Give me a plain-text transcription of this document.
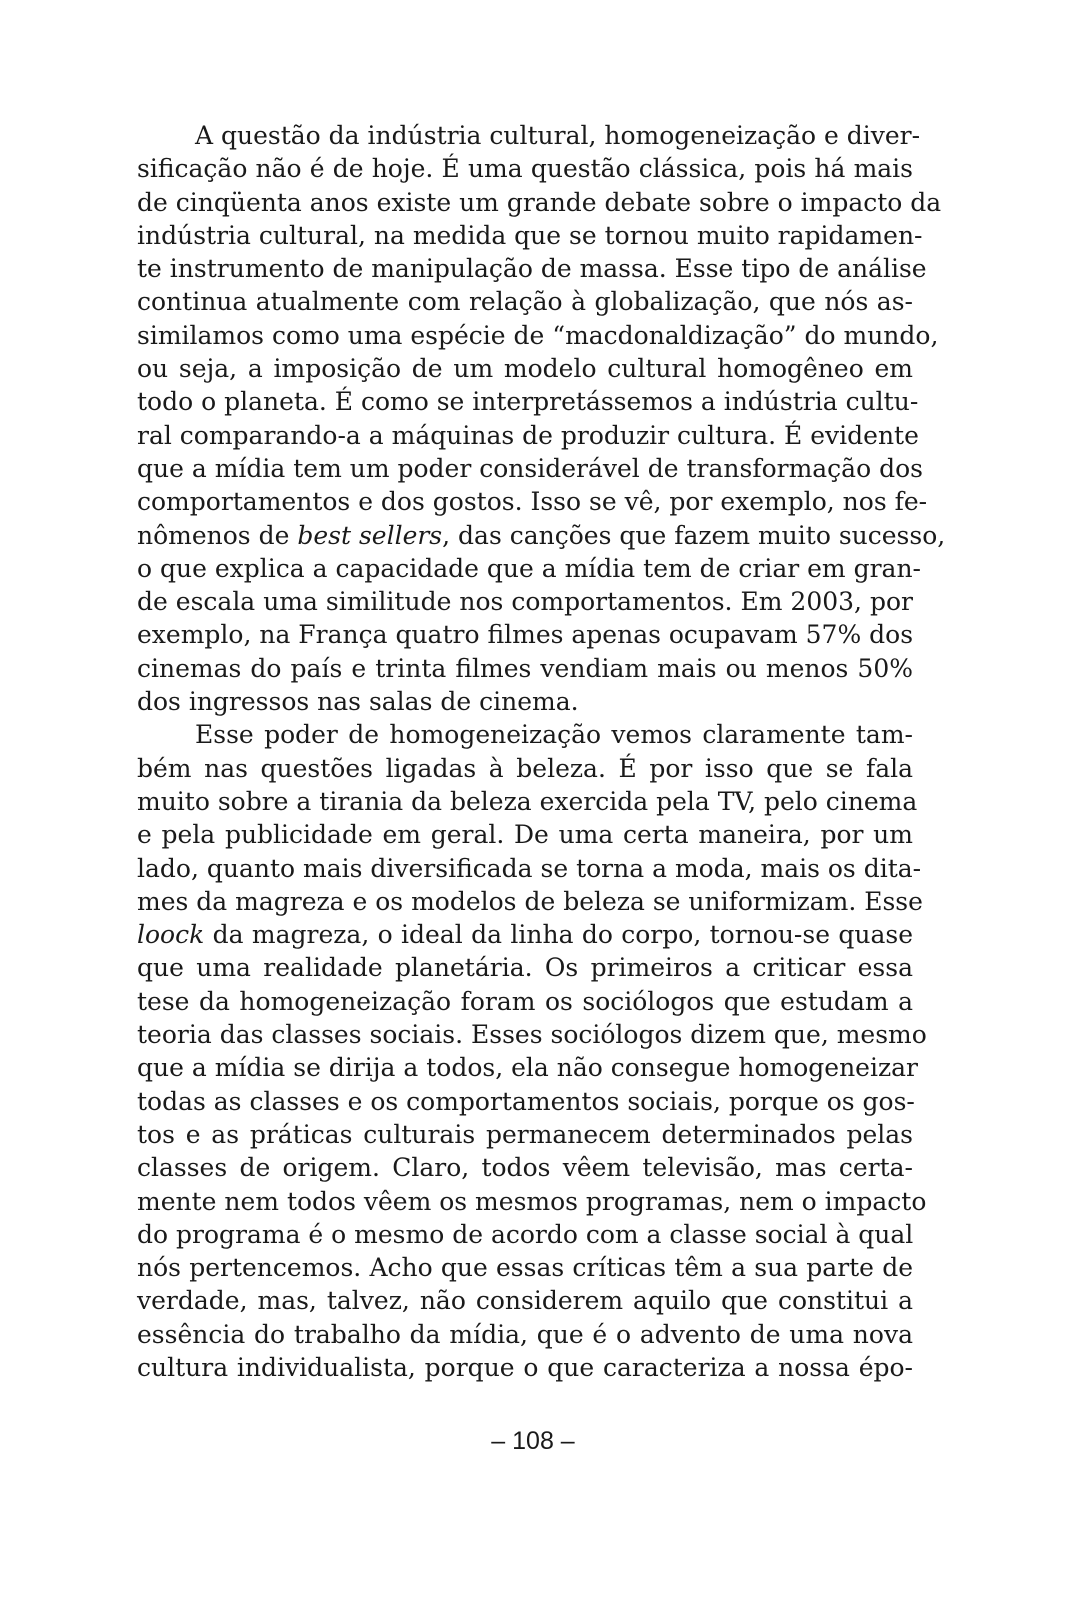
A questão da indústria cultural, homogeneização e diver-
sificação não é de hoje. É uma questão clássica, pois há mais
de cinqüenta anos existe um grande debate sobre o impacto da
indústria cultural, na medida que se tornou muito rapidamen-
te instrumento de manipulação de massa. Esse tipo de análise
continua atualmente com relação à globalização, que nós as-
similamos como uma espécie de “macdonaldização” do mundo,
ou seja, a imposição de um modelo cultural homogêneo em
todo o planeta. É como se interpretássemos a indústria cultu-
ral comparando-a a máquinas de produzir cultura. É evidente
que a mídia tem um poder considerável de transformação dos
comportamentos e dos gostos. Isso se vê, por exemplo, nos fe-
nômenos de best sellers, das canções que fazem muito sucesso,
o que explica a capacidade que a mídia tem de criar em gran-
de escala uma similitude nos comportamentos. Em 2003, por
exemplo, na França quatro filmes apenas ocupavam 57% dos
cinemas do país e trinta filmes vendiam mais ou menos 50%
dos ingressos nas salas de cinema.
Esse poder de homogeneização vemos claramente tam-
bém nas questões ligadas à beleza. É por isso que se fala
muito sobre a tirania da beleza exercida pela TV, pelo cinema
e pela publicidade em geral. De uma certa maneira, por um
lado, quanto mais diversificada se torna a moda, mais os dita-
mes da magreza e os modelos de beleza se uniformizam. Esse
loock da magreza, o ideal da linha do corpo, tornou-se quase
que uma realidade planetária. Os primeiros a criticar essa
tese da homogeneização foram os sociólogos que estudam a
teoria das classes sociais. Esses sociólogos dizem que, mesmo
que a mídia se dirija a todos, ela não consegue homogeneizar
todas as classes e os comportamentos sociais, porque os gos-
tos e as práticas culturais permanecem determinados pelas
classes de origem. Claro, todos vêem televisão, mas certa-
mente nem todos vêem os mesmos programas, nem o impacto
do programa é o mesmo de acordo com a classe social à qual
nós pertencemos. Acho que essas críticas têm a sua parte de
verdade, mas, talvez, não considerem aquilo que constitui a
essência do trabalho da mídia, que é o advento de uma nova
cultura individualista, porque o que caracteriza a nossa épo-
– 108 –
